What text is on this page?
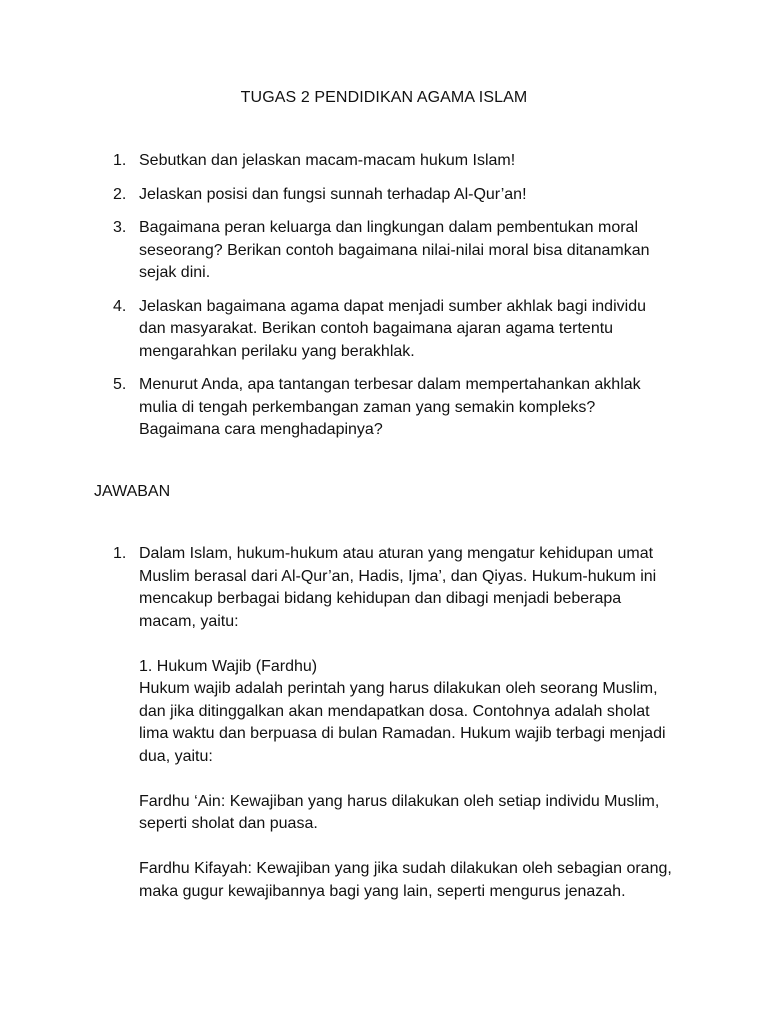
TUGAS 2 PENDIDIKAN AGAMA ISLAM
1. Sebutkan dan jelaskan macam-macam hukum Islam!
2. Jelaskan posisi dan fungsi sunnah terhadap Al-Qur’an!
3. Bagaimana peran keluarga dan lingkungan dalam pembentukan moral seseorang? Berikan contoh bagaimana nilai-nilai moral bisa ditanamkan sejak dini.
4. Jelaskan bagaimana agama dapat menjadi sumber akhlak bagi individu dan masyarakat. Berikan contoh bagaimana ajaran agama tertentu mengarahkan perilaku yang berakhlak.
5. Menurut Anda, apa tantangan terbesar dalam mempertahankan akhlak mulia di tengah perkembangan zaman yang semakin kompleks? Bagaimana cara menghadapinya?
JAWABAN
1. Dalam Islam, hukum-hukum atau aturan yang mengatur kehidupan umat Muslim berasal dari Al-Qur’an, Hadis, Ijma’, dan Qiyas. Hukum-hukum ini mencakup berbagai bidang kehidupan dan dibagi menjadi beberapa macam, yaitu:

1. Hukum Wajib (Fardhu)

Hukum wajib adalah perintah yang harus dilakukan oleh seorang Muslim, dan jika ditinggalkan akan mendapatkan dosa. Contohnya adalah sholat lima waktu dan berpuasa di bulan Ramadan. Hukum wajib terbagi menjadi dua, yaitu:

Fardhu ‘Ain: Kewajiban yang harus dilakukan oleh setiap individu Muslim, seperti sholat dan puasa.

Fardhu Kifayah: Kewajiban yang jika sudah dilakukan oleh sebagian orang, maka gugur kewajibannya bagi yang lain, seperti mengurus jenazah.
